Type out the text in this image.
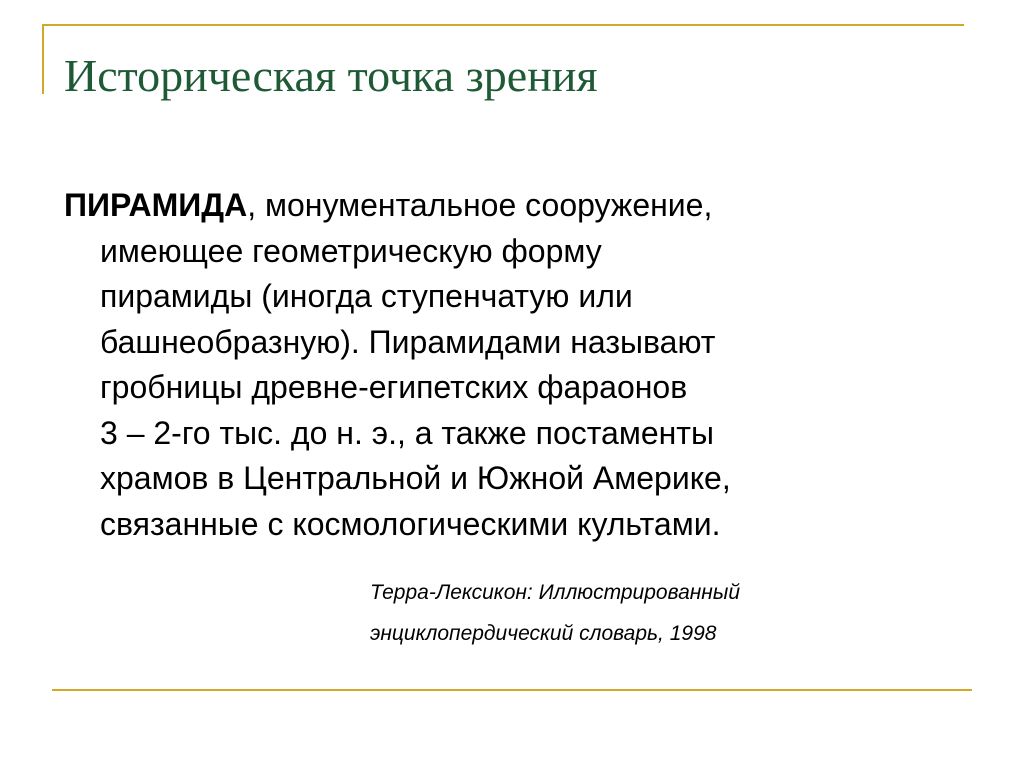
Историческая точка зрения
ПИРАМИДА, монументальное сооружение,
имеющее геометрическую форму
пирамиды (иногда ступенчатую или
башнеобразную). Пирамидами называют
гробницы древне-египетских фараонов
3 – 2-го тыс. до н. э., а также постаменты
храмов в Центральной и Южной Америке,
связанные с космологическими культами.
Терра-Лексикон: Иллюстрированный
энциклопердический словарь, 1998
